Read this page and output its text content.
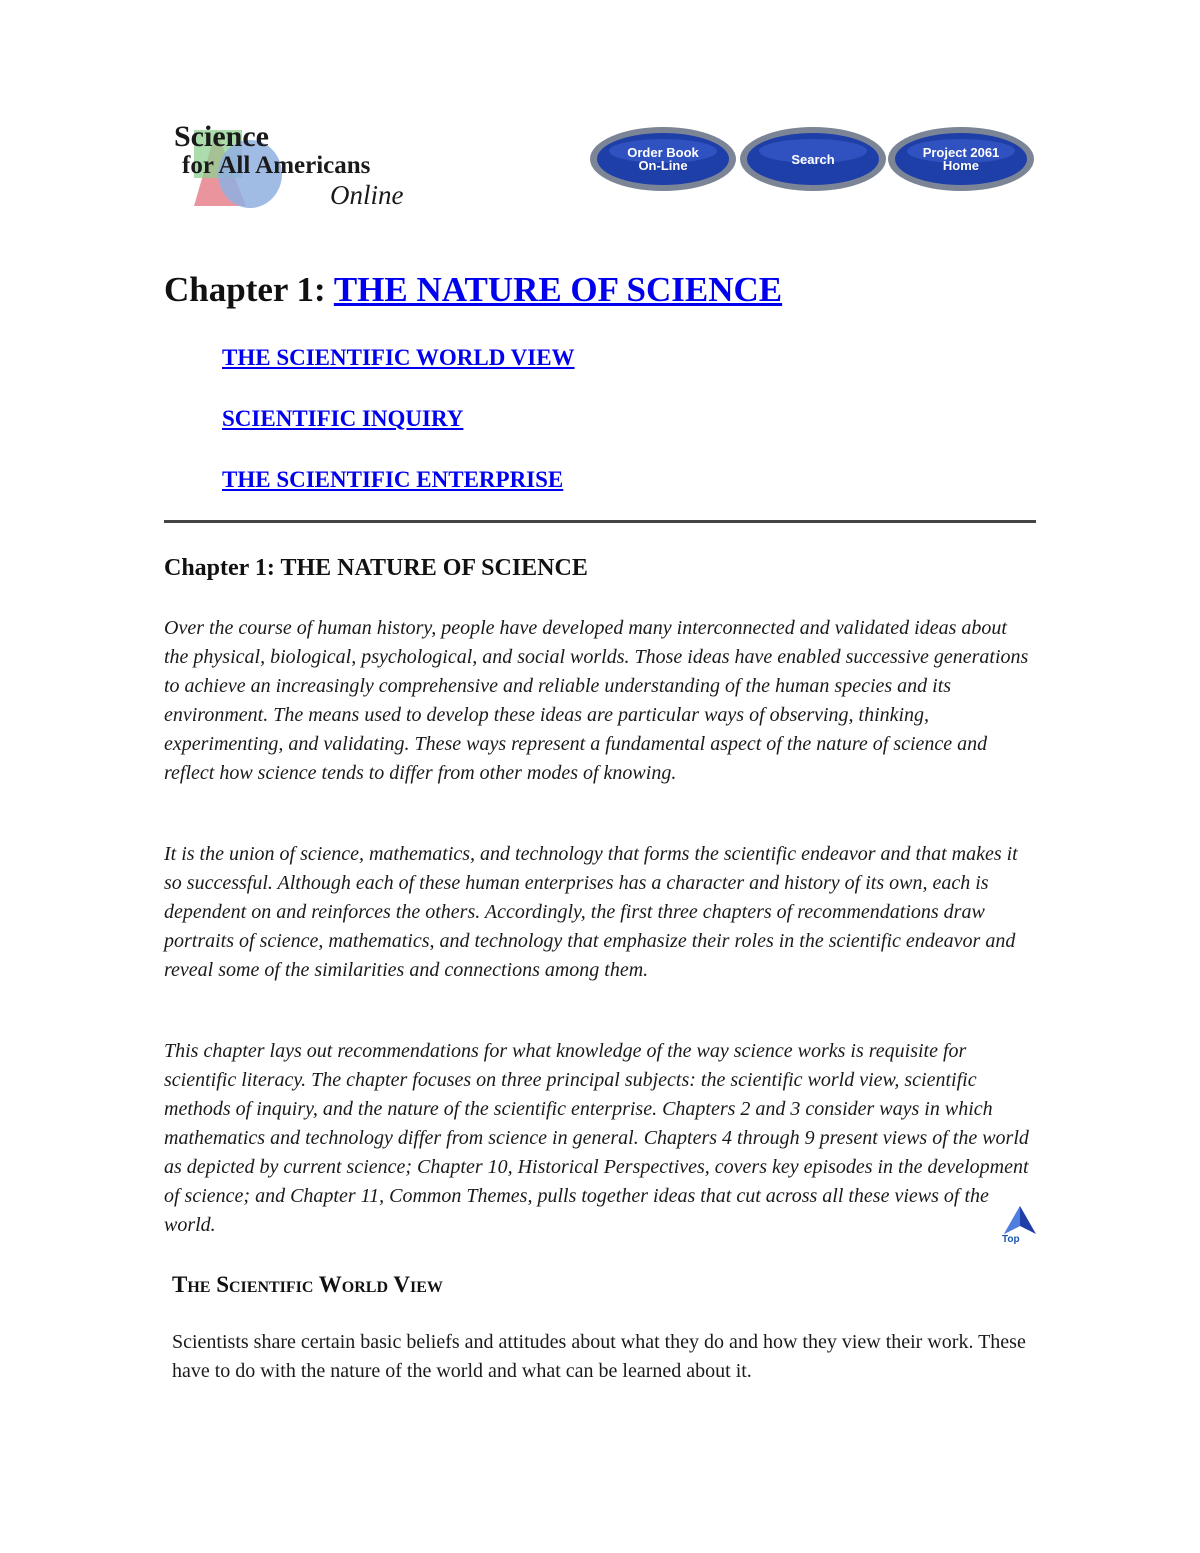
Science
for All Americans
Online
Order Book
On-Line	Search	Project 2061
Home
Chapter 1: THE NATURE OF SCIENCE

THE SCIENTIFIC WORLD VIEW

SCIENTIFIC INQUIRY

THE SCIENTIFIC ENTERPRISE

Chapter 1: THE NATURE OF SCIENCE

Over the course of human history, people have developed many interconnected and validated ideas about the physical, biological, psychological, and social worlds. Those ideas have enabled successive generations to achieve an increasingly comprehensive and reliable understanding of the human species and its environment. The means used to develop these ideas are particular ways of observing, thinking, experimenting, and validating. These ways represent a fundamental aspect of the nature of science and reflect how science tends to differ from other modes of knowing.

It is the union of science, mathematics, and technology that forms the scientific endeavor and that makes it so successful. Although each of these human enterprises has a character and history of its own, each is dependent on and reinforces the others. Accordingly, the first three chapters of recommendations draw portraits of science, mathematics, and technology that emphasize their roles in the scientific endeavor and reveal some of the similarities and connections among them.

This chapter lays out recommendations for what knowledge of the way science works is requisite for scientific literacy. The chapter focuses on three principal subjects: the scientific world view, scientific methods of inquiry, and the nature of the scientific enterprise. Chapters 2 and 3 consider ways in which mathematics and technology differ from science in general. Chapters 4 through 9 present views of the world as depicted by current science; Chapter 10, Historical Perspectives, covers key episodes in the development of science; and Chapter 11, Common Themes, pulls together ideas that cut across all these views of the world.

Top
The Scientific World View

Scientists share certain basic beliefs and attitudes about what they do and how they view their work. These have to do with the nature of the world and what can be learned about it.
